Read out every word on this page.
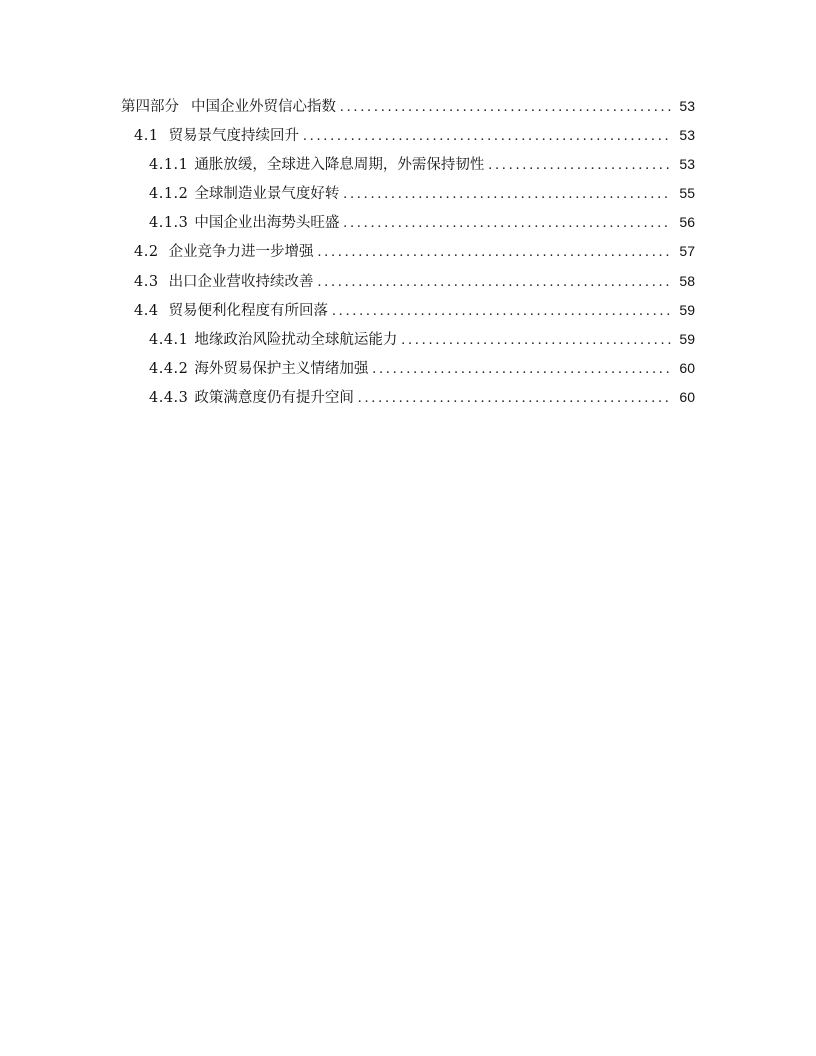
第四部分 中国企业外贸信心指数 .....	53
4.1 贸易景气度持续回升 .....	53
4.1.1 通胀放缓，全球进入降息周期，外需保持韧性 .....	53
4.1.2 全球制造业景气度好转 .....	55
4.1.3 中国企业出海势头旺盛 .....	56
4.2 企业竞争力进一步增强 .....	57
4.3 出口企业营收持续改善 .....	58
4.4 贸易便利化程度有所回落 .....	59
4.4.1 地缘政治风险扰动全球航运能力 .....	59
4.4.2 海外贸易保护主义情绪加强 .....	60
4.4.3 政策满意度仍有提升空间 .....	60
